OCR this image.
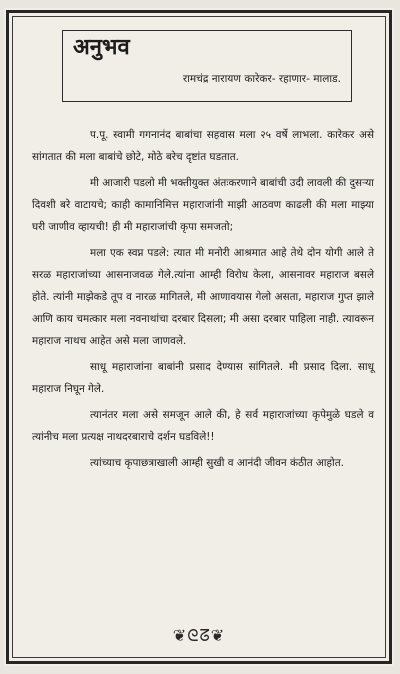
अनुभव
रामचंद्र नारायण कारेकर- रहाणार- मालाड.

प.पू. स्वामी गगनानंद बाबांचा सहवास मला २५ वर्षे लाभला. कारेकर असे सांगतात की मला बाबांचे छोटे, मोठे बरेच दृष्टांत घडतात.

मी आजारी पडलो मी भक्तीयुक्त अंतःकरणाने बाबांची उदी लावली की दुसऱ्या दिवशी बरे वाटायचे; काही कामानिमित्त महाराजांनी माझी आठवण काढली की मला माझ्या घरी जाणीव व्हायची! ही मी महाराजांची कृपा समजतो;

मला एक स्वप्न पडले: त्यात मी मनोरी आश्रमात आहे तेथे दोन योगी आले ते सरळ महाराजांच्या आसनाजवळ गेले.त्यांना आम्ही विरोध केला, आसनावर महाराज बसले होते. त्यांनी माझेकडे तूप व नारळ मागितले, मी आणावयास गेलो असता, महाराज गुप्त झाले आणि काय चमत्कार मला नवनाथांचा दरबार दिसला; मी असा दरबार पाहिला नाही. त्यावरून महाराज नाथच आहेत असे मला जाणवले.

साधू महाराजांना बाबांनी प्रसाद देण्यास सांगितले. मी प्रसाद दिला. साधू महाराज निघून गेले.

त्यानंतर मला असे समजून आले की, हे सर्व महाराजांच्या कृपेमुळे घडले व त्यांनीच मला प्रत्यक्ष नाथदरबाराचे दर्शन घडविले!!

त्यांच्याच कृपाछत्राखाली आम्ही सुखी व आनंदी जीवन कंठीत आहोत.

❦ᘓᘔ❦
